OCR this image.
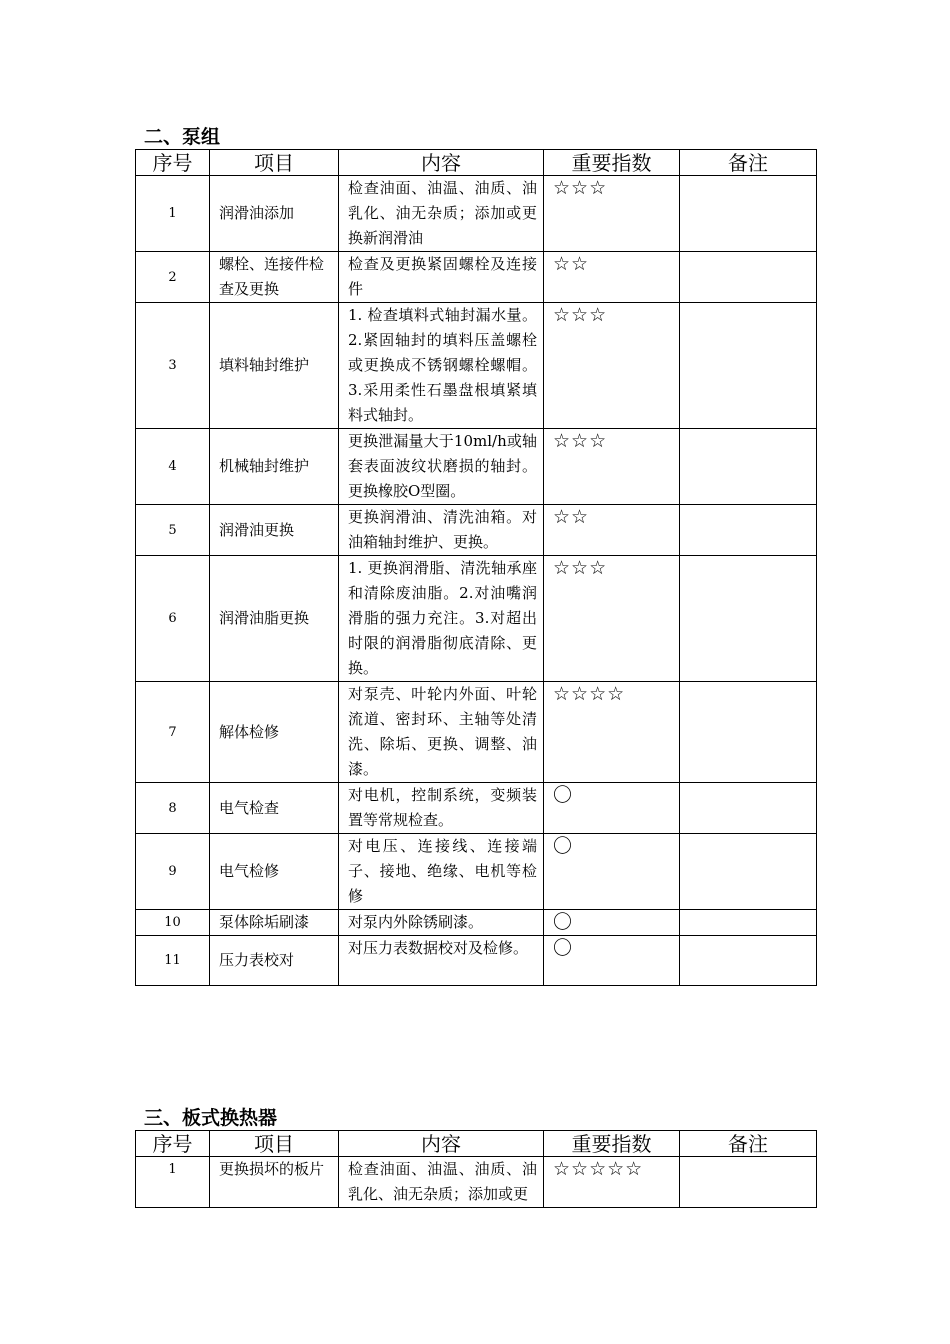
二、泵组
序号	项目	内容	重要指数	备注
1	润滑油添加	检查油面、油温、油质、油乳化、油无杂质；添加或更换新润滑油	☆☆☆	
2	螺栓、连接件检查及更换	检查及更换紧固螺栓及连接件	☆☆	
3	填料轴封维护	1. 检查填料式轴封漏水量。2.紧固轴封的填料压盖螺栓或更换成不锈钢螺栓螺帽。3.采用柔性石墨盘根填紧填料式轴封。	☆☆☆	
4	机械轴封维护	更换泄漏量大于10ml/h或轴套表面波纹状磨损的轴封。更换橡胶O型圈。	☆☆☆	
5	润滑油更换	更换润滑油、清洗油箱。对油箱轴封维护、更换。	☆☆	
6	润滑油脂更换	1. 更换润滑脂、清洗轴承座和清除废油脂。2.对油嘴润滑脂的强力充注。3.对超出时限的润滑脂彻底清除、更换。	☆☆☆	
7	解体检修	对泵壳、叶轮内外面、叶轮流道、密封环、主轴等处清洗、除垢、更换、调整、油漆。	☆☆☆☆	
8	电气检查	对电机，控制系统，变频装置等常规检查。	〇	
9	电气检修	对电压、连接线、连接端子、接地、绝缘、电机等检修	〇	
10	泵体除垢刷漆	对泵内外除锈刷漆。	〇	
11	压力表校对	对压力表数据校对及检修。	〇	
三、板式换热器
序号	项目	内容	重要指数	备注
1	更换损坏的板片	检查油面、油温、油质、油乳化、油无杂质；添加或更	☆☆☆☆☆	
